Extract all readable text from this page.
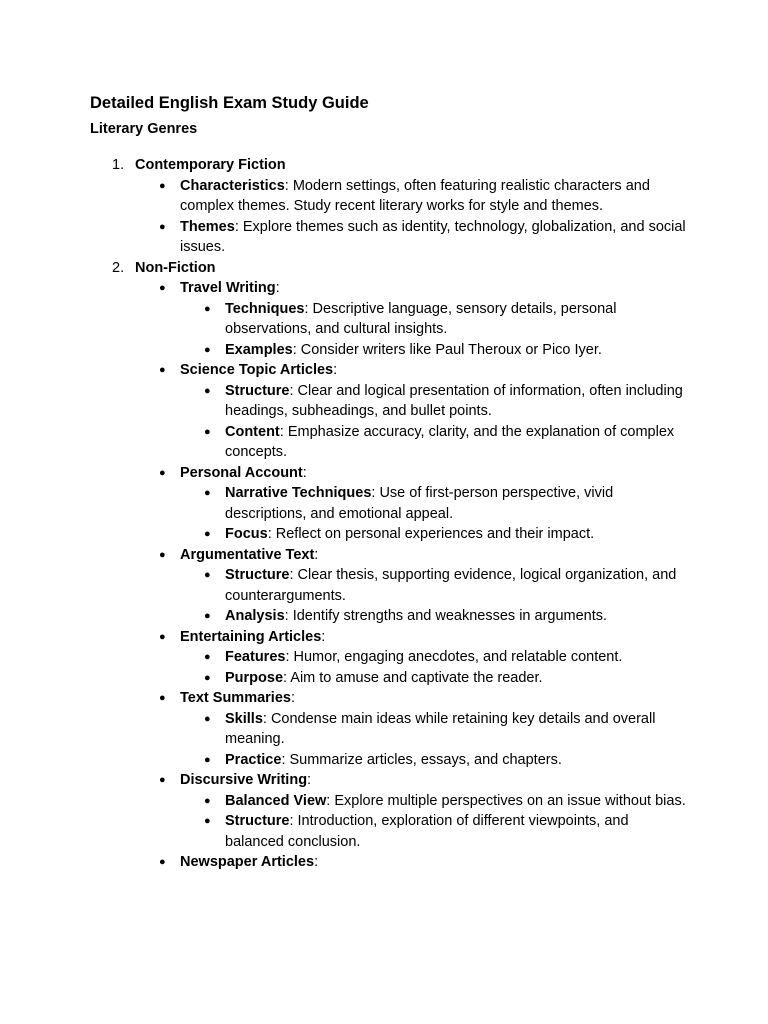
Detailed English Exam Study Guide
Literary Genres
1. Contemporary Fiction
● Characteristics: Modern settings, often featuring realistic characters and complex themes. Study recent literary works for style and themes.
● Themes: Explore themes such as identity, technology, globalization, and social issues.
2. Non-Fiction
● Travel Writing:
● Techniques: Descriptive language, sensory details, personal observations, and cultural insights.
● Examples: Consider writers like Paul Theroux or Pico Iyer.
● Science Topic Articles:
● Structure: Clear and logical presentation of information, often including headings, subheadings, and bullet points.
● Content: Emphasize accuracy, clarity, and the explanation of complex concepts.
● Personal Account:
● Narrative Techniques: Use of first-person perspective, vivid descriptions, and emotional appeal.
● Focus: Reflect on personal experiences and their impact.
● Argumentative Text:
● Structure: Clear thesis, supporting evidence, logical organization, and counterarguments.
● Analysis: Identify strengths and weaknesses in arguments.
● Entertaining Articles:
● Features: Humor, engaging anecdotes, and relatable content.
● Purpose: Aim to amuse and captivate the reader.
● Text Summaries:
● Skills: Condense main ideas while retaining key details and overall meaning.
● Practice: Summarize articles, essays, and chapters.
● Discursive Writing:
● Balanced View: Explore multiple perspectives on an issue without bias.
● Structure: Introduction, exploration of different viewpoints, and balanced conclusion.
● Newspaper Articles:
